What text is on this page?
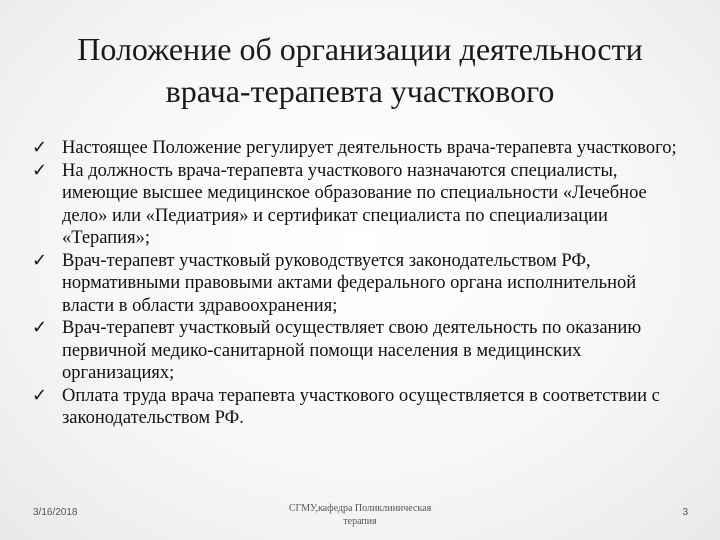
Положение об организации деятельности
врача-терапевта участкового
✓ Настоящее Положение регулирует деятельность врача-терапевта участкового;
✓ На должность врача-терапевта участкового назначаются специалисты, имеющие высшее медицинское образование по специальности «Лечебное дело» или «Педиатрия» и сертификат специалиста по специализации «Терапия»;
✓ Врач-терапевт участковый руководствуется законодательством РФ, нормативными правовыми актами федерального органа исполнительной власти в области здравоохранения;
✓ Врач-терапевт участковый осуществляет свою деятельность по оказанию первичной медико-санитарной помощи населения в медицинских организациях;
✓ Оплата труда врача терапевта участкового осуществляется в соответствии с законодательством РФ.
3/16/2018	СГМУ,кафедра Поликлиническая
терапия
3
